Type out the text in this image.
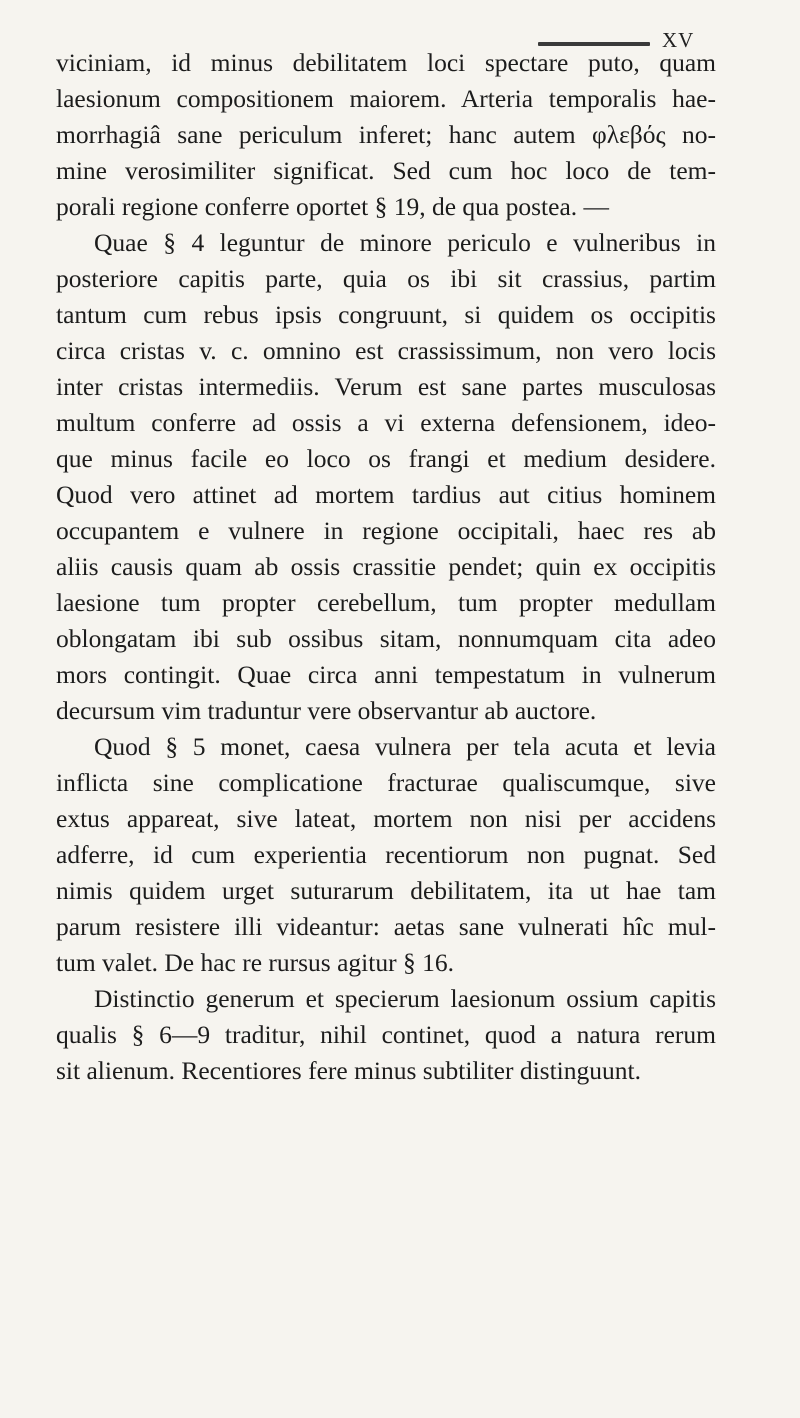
XV
viciniam, id minus debilitatem loci spectare puto, quam
laesionum compositionem maiorem. Arteria temporalis hae-
morrhagiâ sane periculum inferet; hanc autem φλεβός no-
mine verosimiliter significat. Sed cum hoc loco de tem-
porali regione conferre oportet § 19, de qua postea. —
Quae § 4 leguntur de minore periculo e vulneribus in
posteriore capitis parte, quia os ibi sit crassius, partim
tantum cum rebus ipsis congruunt, si quidem os occipitis
circa cristas v. c. omnino est crassissimum, non vero locis
inter cristas intermediis. Verum est sane partes musculosas
multum conferre ad ossis a vi externa defensionem, ideo-
que minus facile eo loco os frangi et medium desidere.
Quod vero attinet ad mortem tardius aut citius hominem
occupantem e vulnere in regione occipitali, haec res ab
aliis causis quam ab ossis crassitie pendet; quin ex occipitis
laesione tum propter cerebellum, tum propter medullam
oblongatam ibi sub ossibus sitam, nonnumquam cita adeo
mors contingit. Quae circa anni tempestatum in vulnerum
decursum vim traduntur vere observantur ab auctore.
Quod § 5 monet, caesa vulnera per tela acuta et levia
inflicta sine complicatione fracturae qualiscumque, sive
extus appareat, sive lateat, mortem non nisi per accidens
adferre, id cum experientia recentiorum non pugnat. Sed
nimis quidem urget suturarum debilitatem, ita ut hae tam
parum resistere illi videantur: aetas sane vulnerati hîc mul-
tum valet. De hac re rursus agitur § 16.
Distinctio generum et specierum laesionum ossium capitis
qualis § 6—9 traditur, nihil continet, quod a natura rerum
sit alienum. Recentiores fere minus subtiliter distinguunt.
